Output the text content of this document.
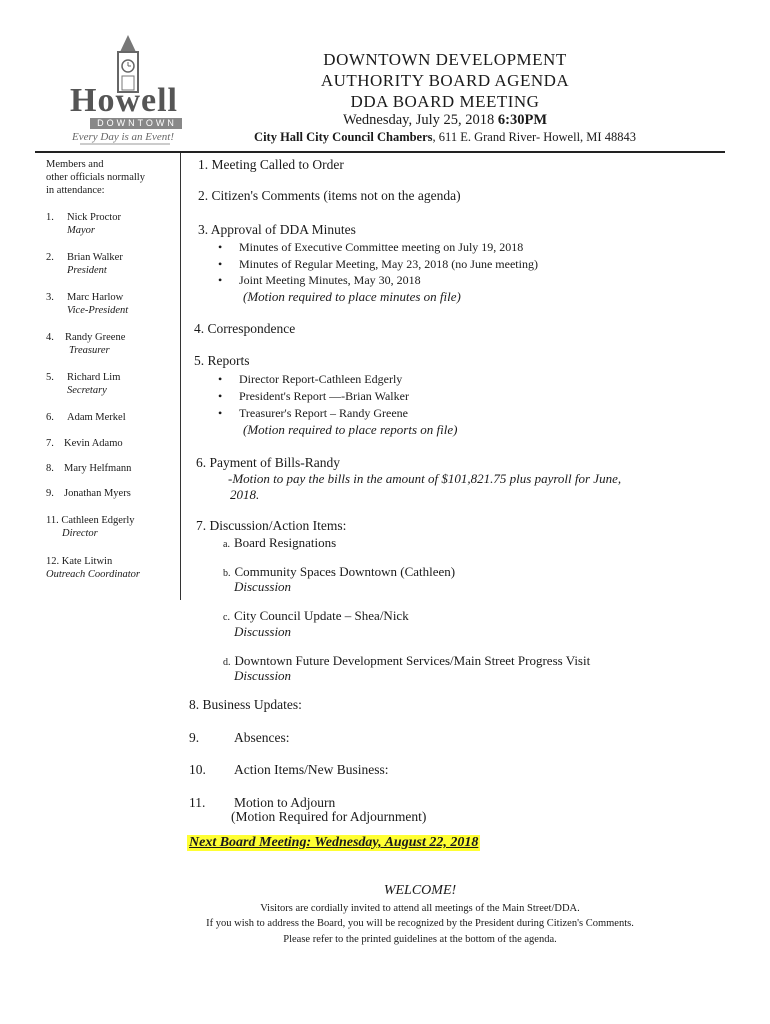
Howell
DOWNTOWN
Every Day is an Event!
DOWNTOWN DEVELOPMENT
AUTHORITY BOARD AGENDA
DDA BOARD MEETING
Wednesday, July 25, 2018 6:30PM
City Hall City Council Chambers, 611 E. Grand River- Howell, MI 48843
Members and
other officials normally
in attendance:
1. Nick Proctor
Mayor
2. Brian Walker
President
3. Marc Harlow
Vice-President
4. Randy Greene
Treasurer
5. Richard Lim
Secretary
6. Adam Merkel
7. Kevin Adamo
8. Mary Helfmann
9. Jonathan Myers
11. Cathleen Edgerly
Director
12. Kate Litwin
Outreach Coordinator
1. Meeting Called to Order
2. Citizen's Comments (items not on the agenda)
3. Approval of DDA Minutes
• Minutes of Executive Committee meeting on July 19, 2018
• Minutes of Regular Meeting, May 23, 2018 (no June meeting)
• Joint Meeting Minutes, May 30, 2018
(Motion required to place minutes on file)
4. Correspondence
5. Reports
• Director Report-Cathleen Edgerly
• President's Report —-Brian Walker
• Treasurer's Report – Randy Greene
(Motion required to place reports on file)
6. Payment of Bills-Randy
-Motion to pay the bills in the amount of $101,821.75 plus payroll for June,
2018.
7. Discussion/Action Items:
a. Board Resignations
b. Community Spaces Downtown (Cathleen)
Discussion
c. City Council Update – Shea/Nick
Discussion
d. Downtown Future Development Services/Main Street Progress Visit
Discussion
8. Business Updates:
9.	Absences:
10. Action Items/New Business:
11. Motion to Adjourn
(Motion Required for Adjournment)
Next Board Meeting: Wednesday, August 22, 2018
WELCOME!
Visitors are cordially invited to attend all meetings of the Main Street/DDA.
If you wish to address the Board, you will be recognized by the President during Citizen's Comments.
Please refer to the printed guidelines at the bottom of the agenda.
